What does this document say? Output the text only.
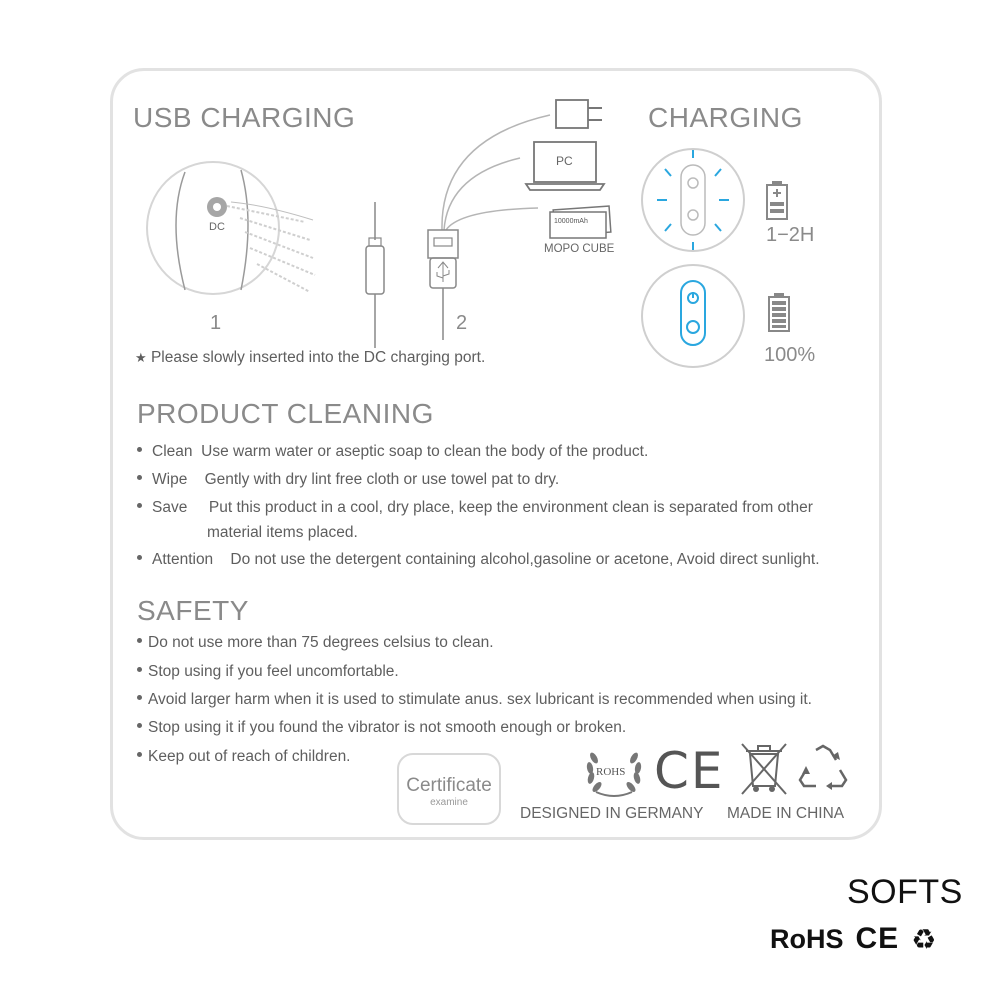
USB CHARGING
DC
1
PC
10000mAh
MOPO CUBE
2
★ Please slowly inserted into the DC charging port.
CHARGING
1−2H
100%
PRODUCT CLEANING
Clean Use warm water or aseptic soap to clean the body of the product.
Wipe Gently with dry lint free cloth or use towel pat to dry.
Save Put this product in a cool, dry place, keep the environment clean is separated from other
material items placed.
Attention Do not use the detergent containing alcohol,gasoline or acetone, Avoid direct sunlight.
SAFETY
Do not use more than 75 degrees celsius to clean.
Stop using if you feel uncomfortable.
Avoid larger harm when it is used to stimulate anus. sex lubricant is recommended when using it.
Stop using it if you found the vibrator is not smooth enough or broken.
Keep out of reach of children.
Certificate
examine
ROHS CE
DESIGNED IN GERMANY MADE IN CHINA
SOFTS
RoHS CE ♻
